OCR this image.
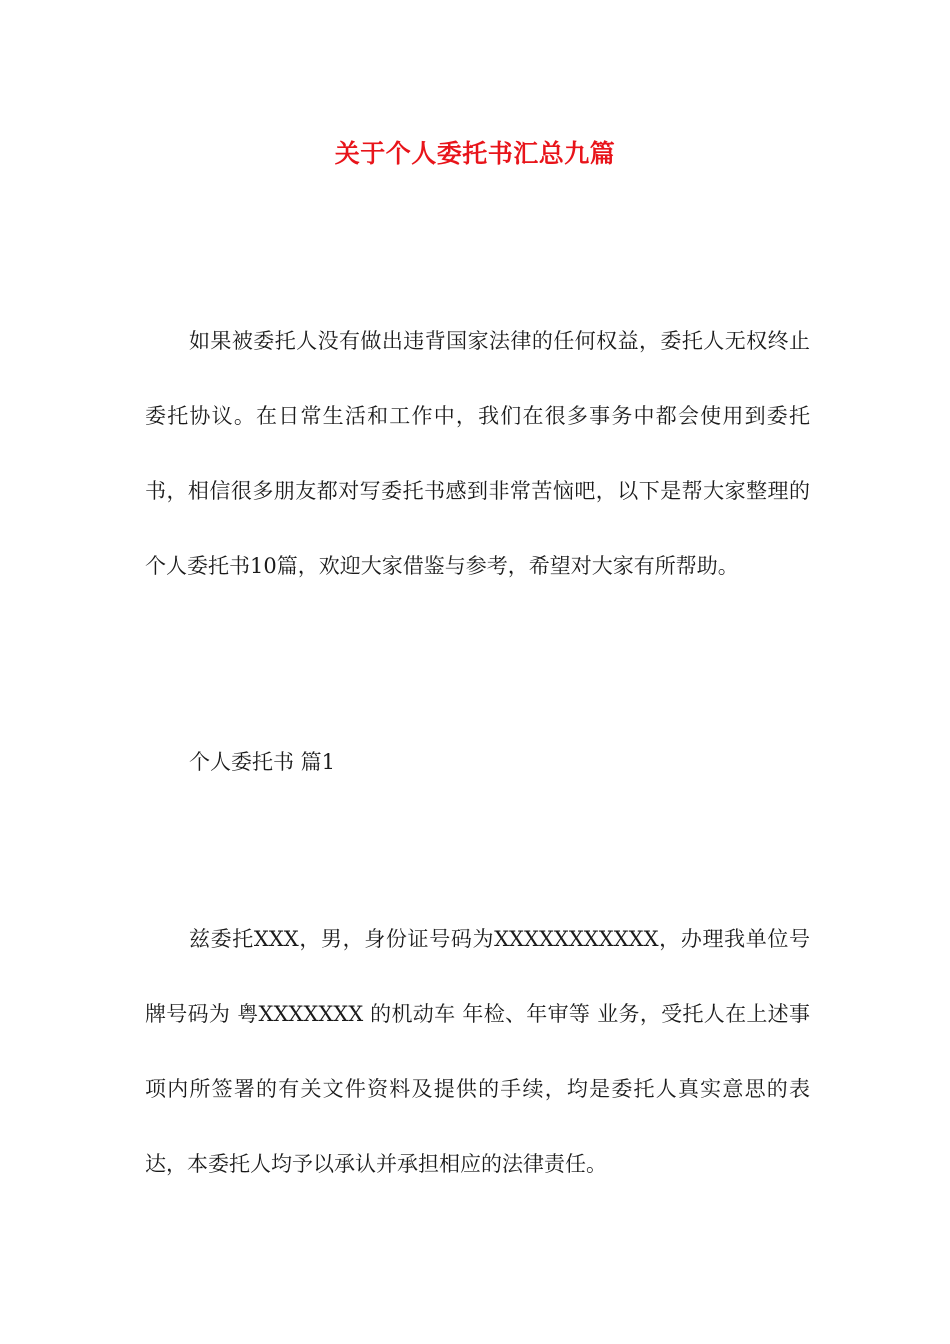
关于个人委托书汇总九篇
如果被委托人没有做出违背国家法律的任何权益，委托人无权终止委托协议。在日常生活和工作中，我们在很多事务中都会使用到委托书，相信很多朋友都对写委托书感到非常苦恼吧，以下是帮大家整理的个人委托书10篇，欢迎大家借鉴与参考，希望对大家有所帮助。
个人委托书 篇1
兹委托XXX，男，身份证号码为XXXXXXXXXXX，办理我单位号牌号码为 粤XXXXXXX 的机动车 年检、年审等 业务，受托人在上述事项内所签署的有关文件资料及提供的手续，均是委托人真实意思的表达，本委托人均予以承认并承担相应的法律责任。
